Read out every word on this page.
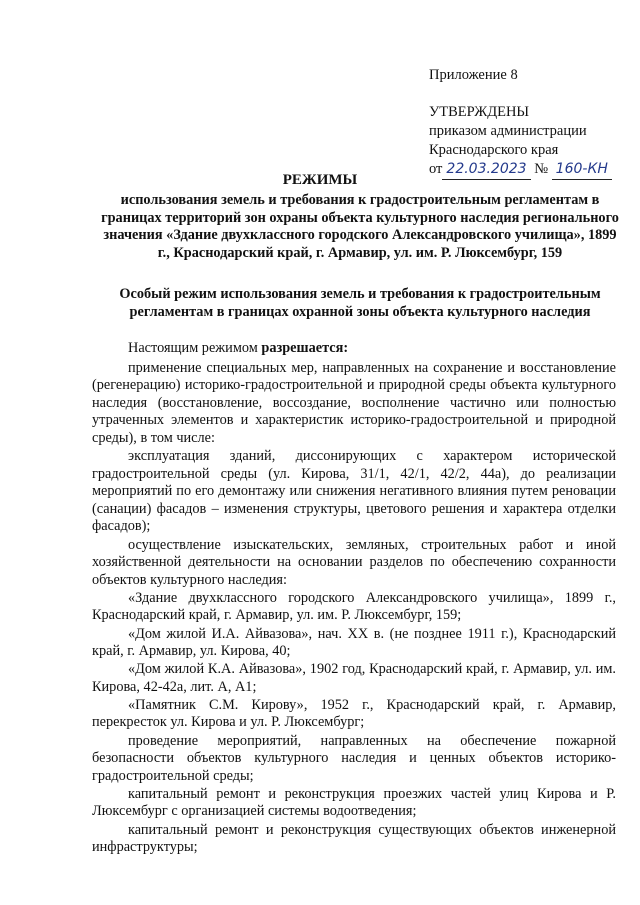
Приложение 8
УТВЕРЖДЕНЫ
приказом администрации
Краснодарского края
от 22.03.2023 № 160-КН
РЕЖИМЫ
использования земель и требования к градостроительным регламентам в границах территорий зон охраны объекта культурного наследия регионального значения «Здание двухклассного городского Александровского училища», 1899 г., Краснодарский край, г. Армавир, ул. им. Р. Люксембург, 159
Особый режим использования земель и требования к градостроительным регламентам в границах охранной зоны объекта культурного наследия
Настоящим режимом разрешается:

применение специальных мер, направленных на сохранение и восстановление (регенерацию) историко-градостроительной и природной среды объекта культурного наследия (восстановление, воссоздание, восполнение частично или полностью утраченных элементов и характеристик историко-градостроительной и природной среды), в том числе:

эксплуатация зданий, диссонирующих с характером исторической градостроительной среды (ул. Кирова, 31/1, 42/1, 42/2, 44а), до реализации мероприятий по его демонтажу или снижения негативного влияния путем реновации (санации) фасадов – изменения структуры, цветового решения и характера отделки фасадов);

осуществление изыскательских, земляных, строительных работ и иной хозяйственной деятельности на основании разделов по обеспечению сохранности объектов культурного наследия:

«Здание двухклассного городского Александровского училища», 1899 г., Краснодарский край, г. Армавир, ул. им. Р. Люксембург, 159;

«Дом жилой И.А. Айвазова», нач. XX в. (не позднее 1911 г.), Краснодарский край, г. Армавир, ул. Кирова, 40;

«Дом жилой К.А. Айвазова», 1902 год, Краснодарский край, г. Армавир, ул. им. Кирова, 42-42а, лит. А, А1;

«Памятник С.М. Кирову», 1952 г., Краснодарский край, г. Армавир, перекресток ул. Кирова и ул. Р. Люксембург;

проведение мероприятий, направленных на обеспечение пожарной безопасности объектов культурного наследия и ценных объектов историко-градостроительной среды;

капитальный ремонт и реконструкция проезжих частей улиц Кирова и Р. Люксембург с организацией системы водоотведения;

капитальный ремонт и реконструкция существующих объектов инженерной инфраструктуры;
